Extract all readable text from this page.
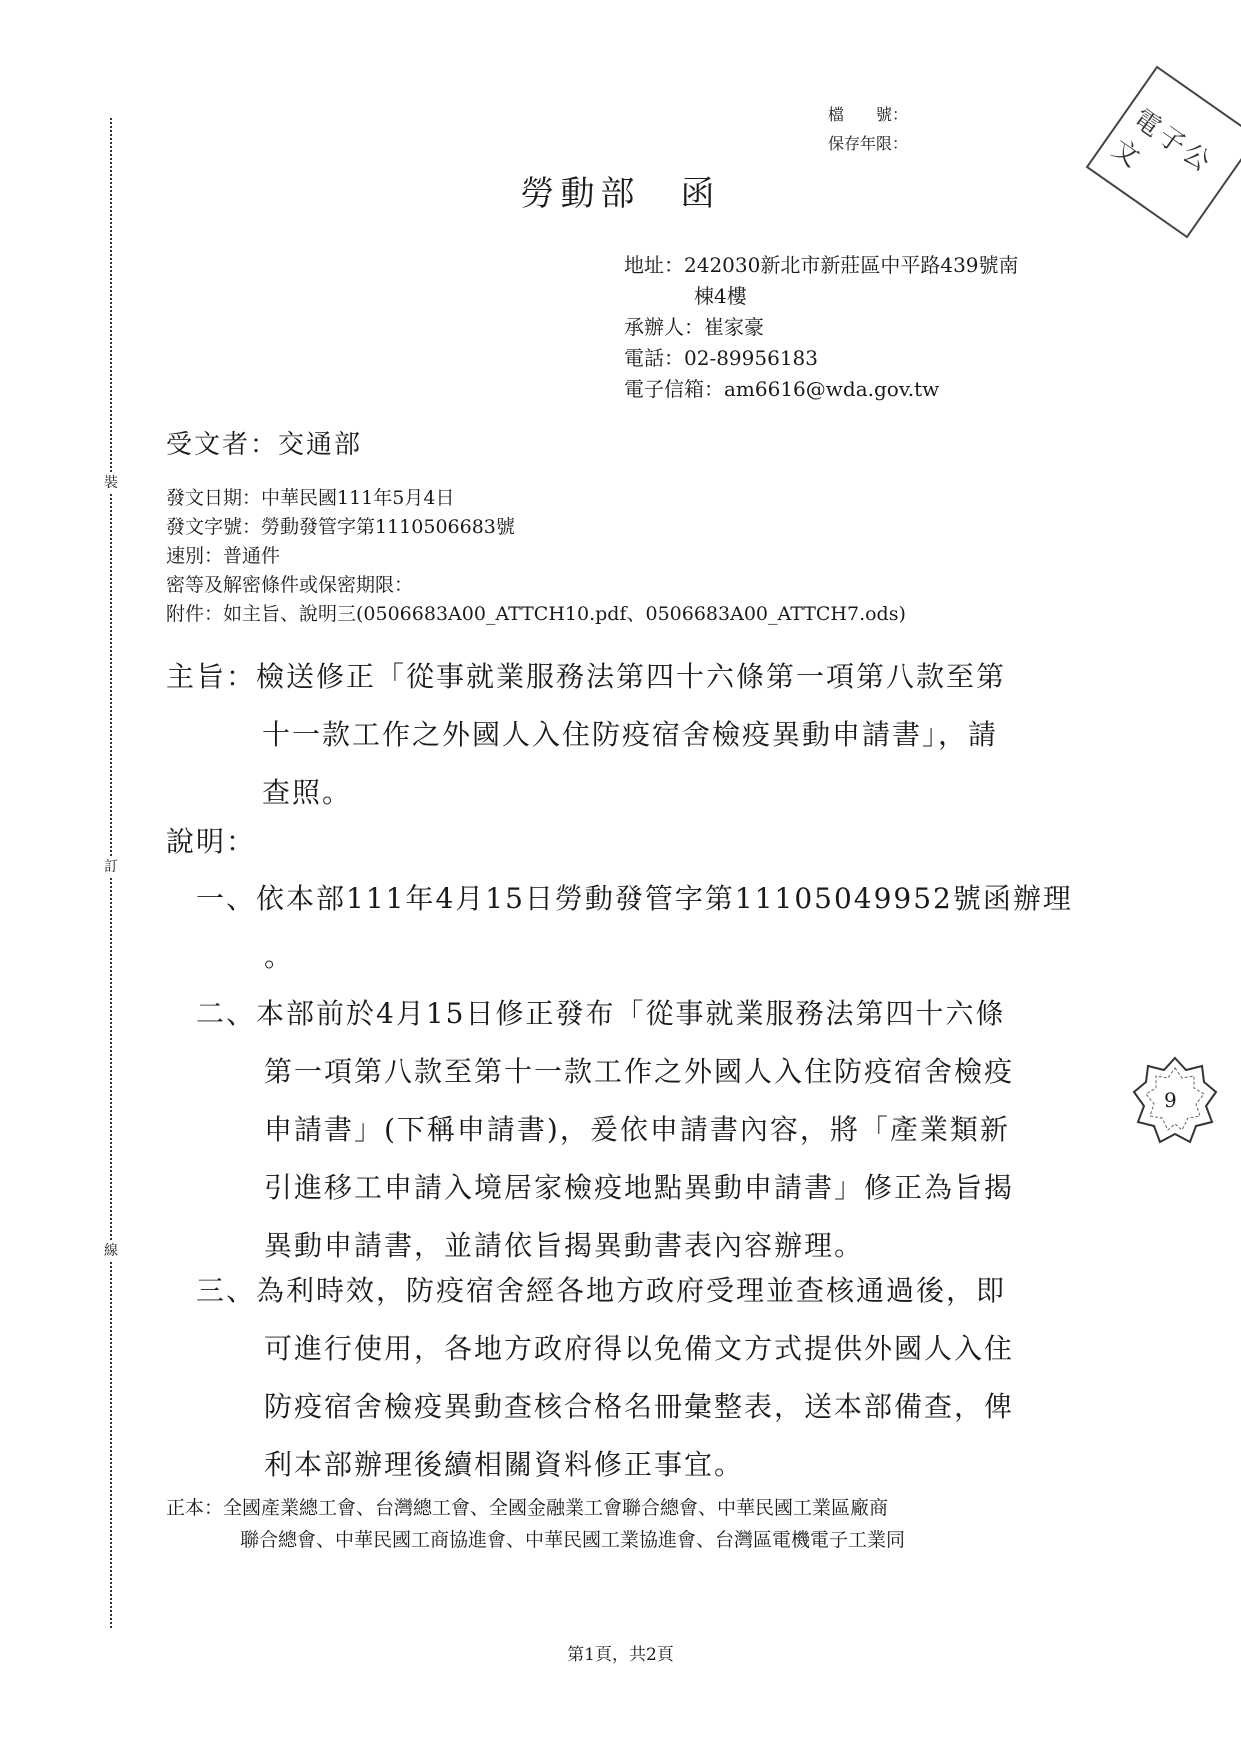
裝
訂
線
檔　　號：
保存年限：	電子公文
9
勞動部 函
地址：242030新北市新莊區中平路439號南
棟4樓
承辦人：崔家豪
電話：02-89956183
電子信箱：am6616@wda.gov.tw
受文者：交通部
發文日期：中華民國111年5月4日
發文字號：勞動發管字第1110506683號
速別：普通件
密等及解密條件或保密期限：
附件：如主旨、說明三(0506683A00_ATTCH10.pdf、0506683A00_ATTCH7.ods)
主旨：檢送修正「從事就業服務法第四十六條第一項第八款至第
十一款工作之外國人入住防疫宿舍檢疫異動申請書」，請
查照。
說明：
一、依本部111年4月15日勞動發管字第11105049952號函辦理
。
二、本部前於4月15日修正發布「從事就業服務法第四十六條
第一項第八款至第十一款工作之外國人入住防疫宿舍檢疫
申請書」(下稱申請書)，爰依申請書內容，將「產業類新
引進移工申請入境居家檢疫地點異動申請書」修正為旨揭
異動申請書，並請依旨揭異動書表內容辦理。
三、為利時效，防疫宿舍經各地方政府受理並查核通過後，即
可進行使用，各地方政府得以免備文方式提供外國人入住
防疫宿舍檢疫異動查核合格名冊彙整表，送本部備查，俾
利本部辦理後續相關資料修正事宜。
正本：全國產業總工會、台灣總工會、全國金融業工會聯合總會、中華民國工業區廠商
聯合總會、中華民國工商協進會、中華民國工業協進會、台灣區電機電子工業同
第1頁，共2頁
